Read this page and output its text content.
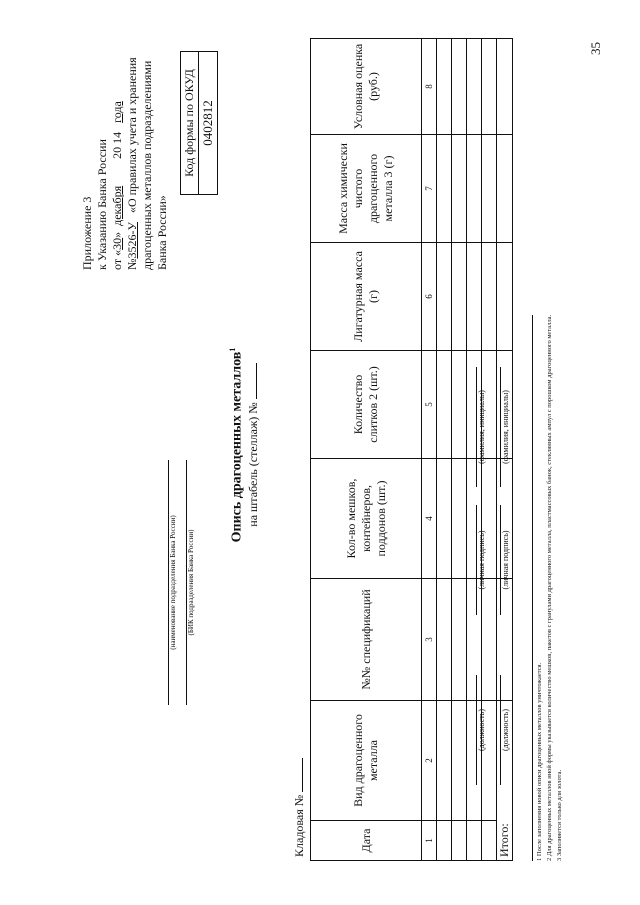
35
Приложение 3 к Указанию Банка России от «30»  декабря         20 14   года
№3526-У   «О правилах учета и хранения драгоценных металлов подразделениями Банка России»
Код формы по ОКУД 0402812
(наименование подразделения Банка России) (БИК подразделения Банка России)
Опись драгоценных металлов$^1$
на штабель (стеллаж) №
Кладовая №	Дата	Вид драгоценного металла	№№ спецификаций	Кол-во мешков, контейнеров, поддонов (шт.)	Количество слитков 2 (шт.)	Лигатурная масса (г)	Масса химически чистого драгоценного металла 3 (г)	Условная оценка (руб.)
1	2	3	4	5	6	7	8

Итого:							
(должность)
(личная подпись)
(фамилия, инициалы)
(должность)
(личная подпись)
(фамилия, инициалы)
1 После заполнения новой описи драгоценных металлов уничтожается. 2 Для драгоценных металлов иной формы указывается количество мешков, пакетов с гранулами драгоценного металла, пластмассовых банок, стеклянных ампул с порошком драгоценного металла. 3 Заполняется только для золота.
